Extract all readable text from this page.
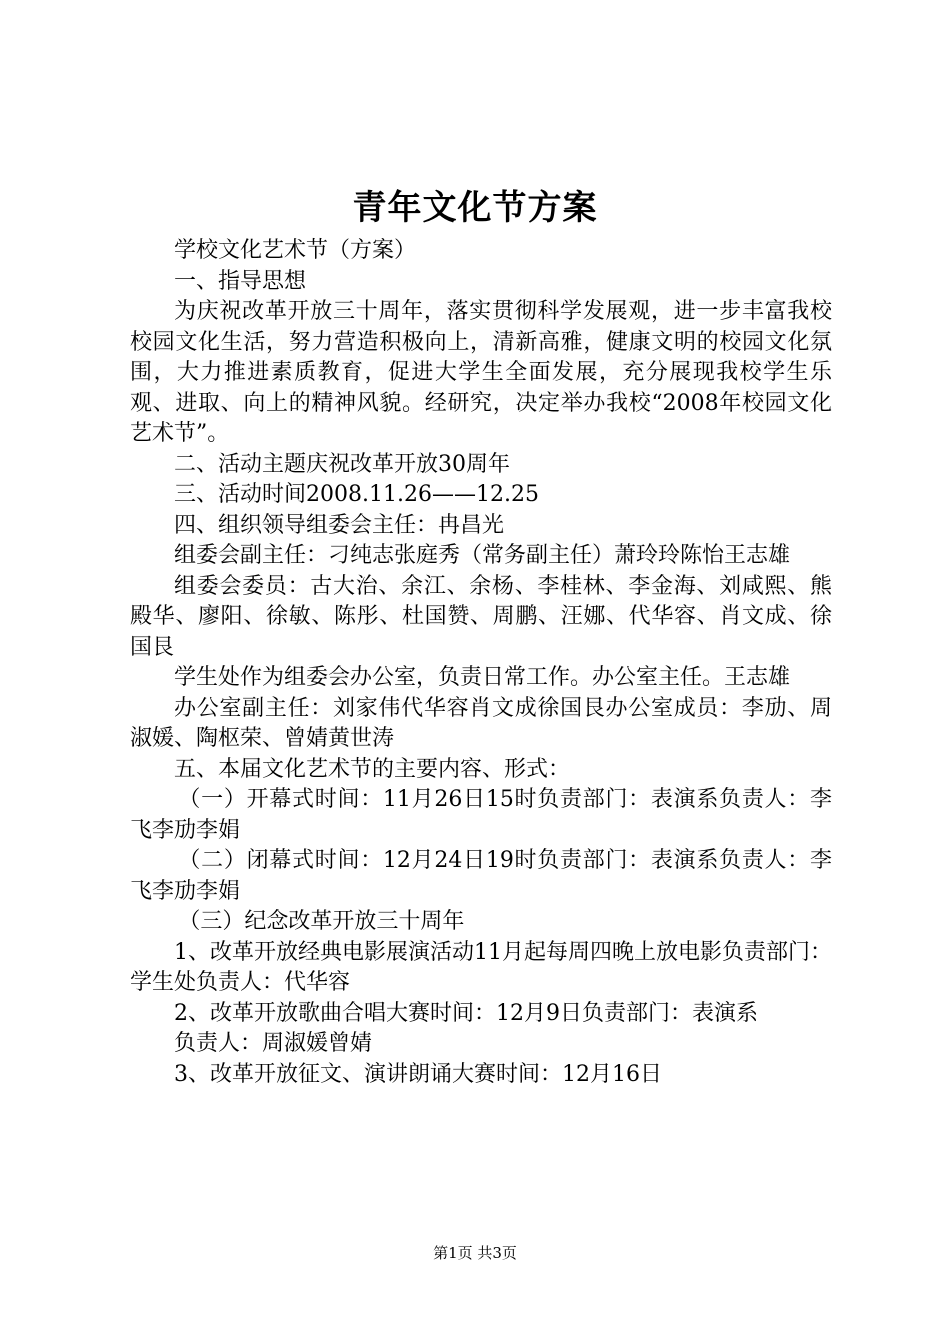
青年文化节方案

学校文化艺术节（方案）

一、指导思想

为庆祝改革开放三十周年，落实贯彻科学发展观，进一步丰富我校校园文化生活，努力营造积极向上，清新高雅，健康文明的校园文化氛围，大力推进素质教育，促进大学生全面发展，充分展现我校学生乐观、进取、向上的精神风貌。经研究，决定举办我校“2008年校园文化艺术节”。

二、活动主题庆祝改革开放30周年

三、活动时间2008.11.26——12.25

四、组织领导组委会主任：冉昌光

组委会副主任：刁纯志张庭秀（常务副主任）萧玲玲陈怡王志雄

组委会委员：古大治、余江、余杨、李桂林、李金海、刘咸熙、熊殿华、廖阳、徐敏、陈彤、杜国赞、周鹏、汪娜、代华容、肖文成、徐国艮

学生处作为组委会办公室，负责日常工作。办公室主任。王志雄

办公室副主任：刘家伟代华容肖文成徐国艮办公室成员：李劢、周淑媛、陶枢荣、曾婧黄世涛

五、本届文化艺术节的主要内容、形式：

（一）开幕式时间：11月26日15时负责部门：表演系负责人：李飞李劢李娟

（二）闭幕式时间：12月24日19时负责部门：表演系负责人：李飞李劢李娟

（三）纪念改革开放三十周年

1、改革开放经典电影展演活动11月起每周四晚上放电影负责部门：学生处负责人：代华容

2、改革开放歌曲合唱大赛时间：12月9日负责部门：表演系

负责人：周淑媛曾婧

3、改革开放征文、演讲朗诵大赛时间：12月16日

第1页 共3页
